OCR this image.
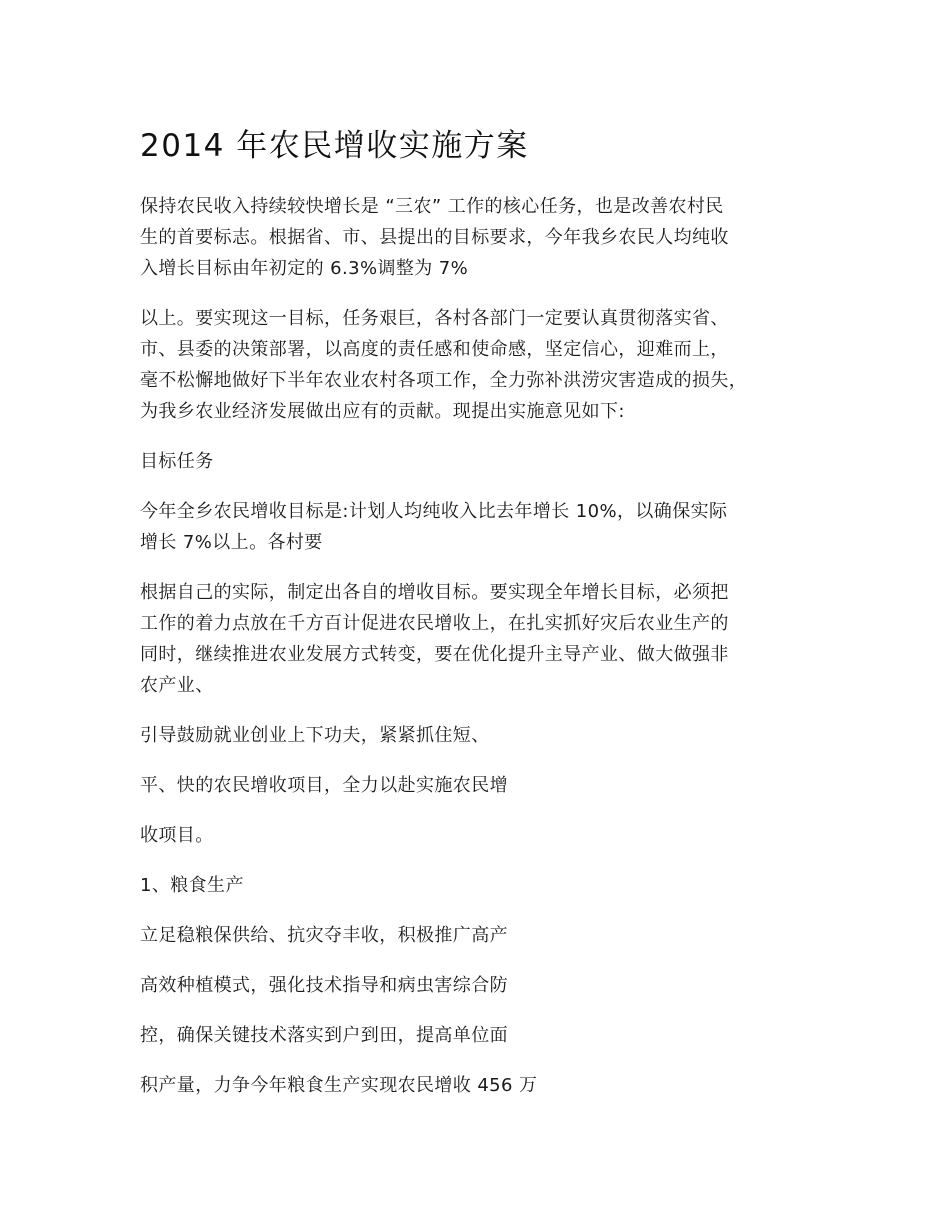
2014 年农民增收实施方案

保持农民收入持续较快增长是 “三农” 工作的核心任务，也是改善农村民
生的首要标志。根据省、市、县提出的目标要求，今年我乡农民人均纯收
入增长目标由年初定的 6.3%调整为 7%

以上。要实现这一目标，任务艰巨，各村各部门一定要认真贯彻落实省、
市、县委的决策部署，以高度的责任感和使命感，坚定信心，迎难而上，
毫不松懈地做好下半年农业农村各项工作，全力弥补洪涝灾害造成的损失，
为我乡农业经济发展做出应有的贡献。现提出实施意见如下:

目标任务

今年全乡农民增收目标是:计划人均纯收入比去年增长 10%，以确保实际
增长 7%以上。各村要

根据自己的实际，制定出各自的增收目标。要实现全年增长目标，必须把
工作的着力点放在千方百计促进农民增收上，在扎实抓好灾后农业生产的
同时，继续推进农业发展方式转变，要在优化提升主导产业、做大做强非
农产业、

引导鼓励就业创业上下功夫，紧紧抓住短、

平、快的农民增收项目，全力以赴实施农民增

收项目。

1、粮食生产

立足稳粮保供给、抗灾夺丰收，积极推广高产

高效种植模式，强化技术指导和病虫害综合防

控，确保关键技术落实到户到田，提高单位面

积产量，力争今年粮食生产实现农民增收 456 万
